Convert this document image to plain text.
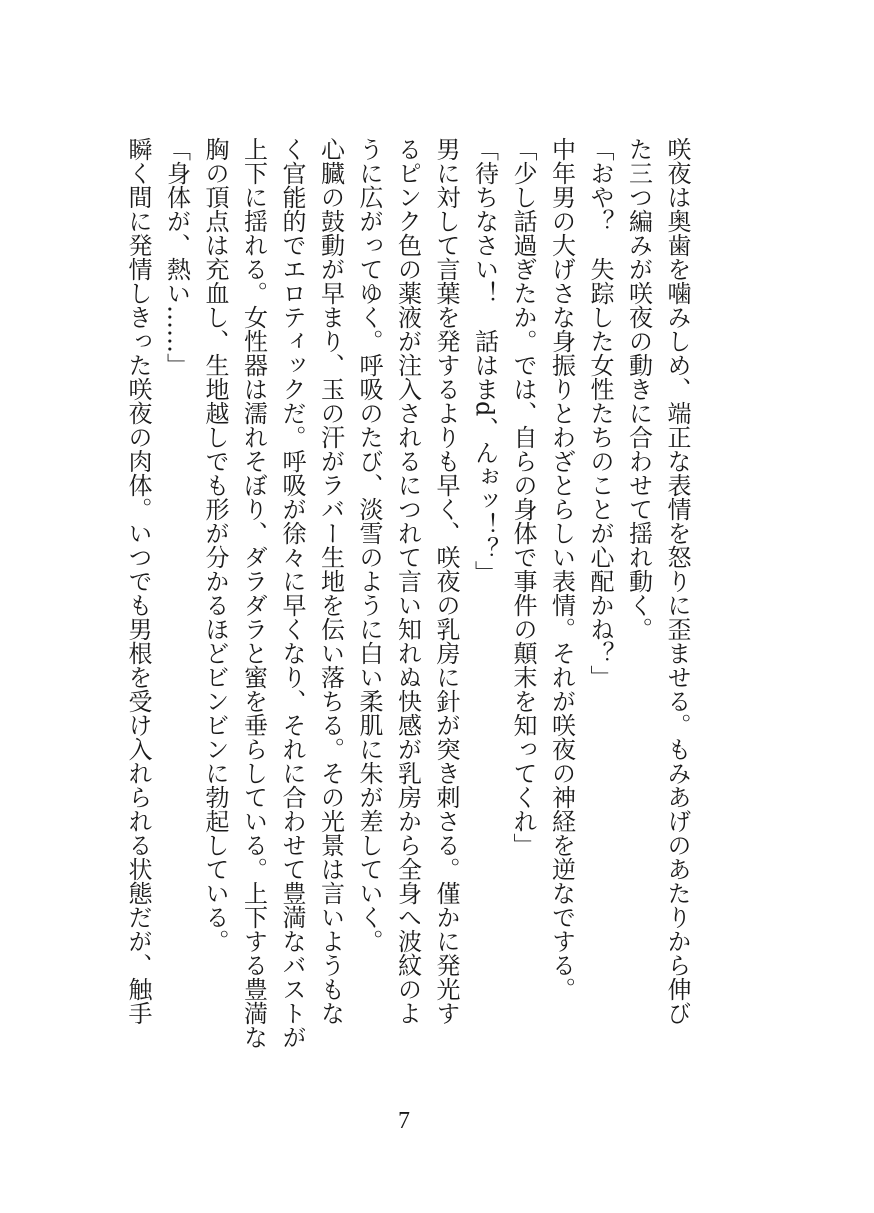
咲夜は奥歯を噛みしめ、端正な表情を怒りに歪ませる。もみあげのあたりから伸び
た三つ編みが咲夜の動きに合わせて揺れ動く。
「おや？　失踪した女性たちのことが心配かね？」
中年男の大げさな身振りとわざとらしい表情。それが咲夜の神経を逆なでする。
「少し話過ぎたか。では、自らの身体で事件の顛末を知ってくれ」
「待ちなさい！　話はまd、んぉッ！？」
男に対して言葉を発するよりも早く、咲夜の乳房に針が突き刺さる。僅かに発光す
るピンク色の薬液が注入されるにつれて言い知れぬ快感が乳房から全身へ波紋のよ
うに広がってゆく。呼吸のたび、淡雪のように白い柔肌に朱が差していく。
心臓の鼓動が早まり、玉の汗がラバー生地を伝い落ちる。その光景は言いようもな
く官能的でエロティックだ。呼吸が徐々に早くなり、それに合わせて豊満なバストが
上下に揺れる。女性器は濡れそぼり、ダラダラと蜜を垂らしている。上下する豊満な
胸の頂点は充血し、生地越しでも形が分かるほどビンビンに勃起している。
「身体が、熱い……」
瞬く間に発情しきった咲夜の肉体。いつでも男根を受け入れられる状態だが、触手
7
